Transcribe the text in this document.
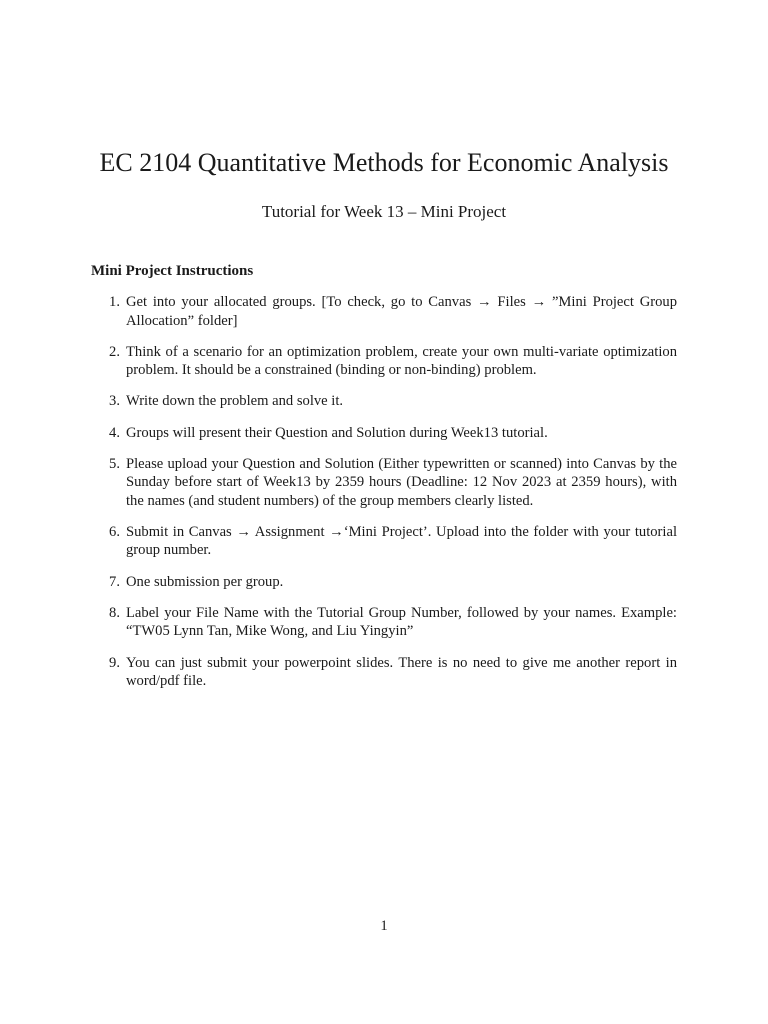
EC 2104 Quantitative Methods for Economic Analysis

Tutorial for Week 13 – Mini Project

Mini Project Instructions
1. Get into your allocated groups. [To check, go to Canvas → Files → ”Mini Project Group Allocation” folder]
2. Think of a scenario for an optimization problem, create your own multi-variate optimization problem. It should be a constrained (binding or non-binding) problem.
3. Write down the problem and solve it.
4. Groups will present their Question and Solution during Week13 tutorial.
5. Please upload your Question and Solution (Either typewritten or scanned) into Canvas by the Sunday before start of Week13 by 2359 hours (Deadline: 12 Nov 2023 at 2359 hours), with the names (and student numbers) of the group members clearly listed.
6. Submit in Canvas → Assignment →‘Mini Project’. Upload into the folder with your tutorial group number.
7. One submission per group.
8. Label your File Name with the Tutorial Group Number, followed by your names. Example: “TW05 Lynn Tan, Mike Wong, and Liu Yingyin”
9. You can just submit your powerpoint slides. There is no need to give me another report in word/pdf file.

1
